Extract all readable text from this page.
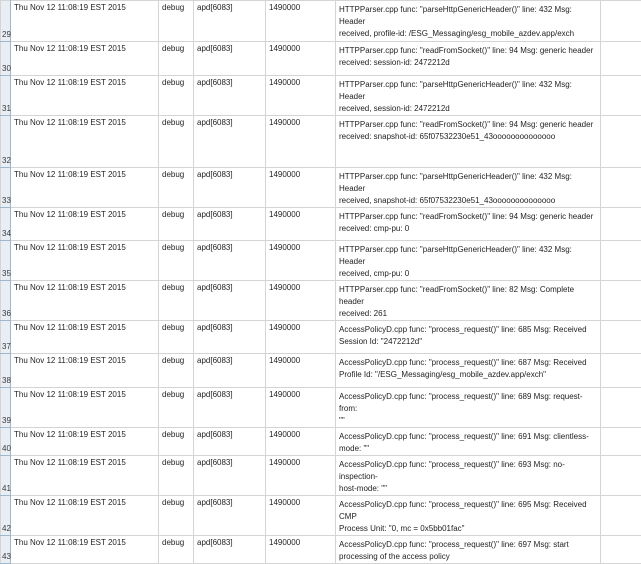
29	Thu Nov 12 11:08:19 EST 2015	debug	apd[6083]	1490000	HTTPParser.cpp func: "parseHttpGenericHeader()" line: 432 Msg: Header
received, profile-id: /ESG_Messaging/esg_mobile_azdev.app/exch	

30	Thu Nov 12 11:08:19 EST 2015	debug	apd[6083]	1490000	HTTPParser.cpp func: "readFromSocket()" line: 94 Msg: generic header
received: session-id: 2472212d	

31	Thu Nov 12 11:08:19 EST 2015	debug	apd[6083]	1490000	HTTPParser.cpp func: "parseHttpGenericHeader()" line: 432 Msg: Header
received, session-id: 2472212d	

32	Thu Nov 12 11:08:19 EST 2015	debug	apd[6083]	1490000	HTTPParser.cpp func: "readFromSocket()" line: 94 Msg: generic header
received: snapshot-id: 65f07532230e51_43oooooooooooooo	

33	Thu Nov 12 11:08:19 EST 2015	debug	apd[6083]	1490000	HTTPParser.cpp func: "parseHttpGenericHeader()" line: 432 Msg: Header
received, snapshot-id: 65f07532230e51_43oooooooooooooo	

34	Thu Nov 12 11:08:19 EST 2015	debug	apd[6083]	1490000	HTTPParser.cpp func: "readFromSocket()" line: 94 Msg: generic header
received: cmp-pu: 0	

35	Thu Nov 12 11:08:19 EST 2015	debug	apd[6083]	1490000	HTTPParser.cpp func: "parseHttpGenericHeader()" line: 432 Msg: Header
received, cmp-pu: 0	

36	Thu Nov 12 11:08:19 EST 2015	debug	apd[6083]	1490000	HTTPParser.cpp func: "readFromSocket()" line: 82 Msg: Complete header
received: 261	

37	Thu Nov 12 11:08:19 EST 2015	debug	apd[6083]	1490000	AccessPolicyD.cpp func: "process_request()" line: 685 Msg: Received
Session Id: "2472212d"	

38	Thu Nov 12 11:08:19 EST 2015	debug	apd[6083]	1490000	AccessPolicyD.cpp func: "process_request()" line: 687 Msg: Received
Profile Id: "/ESG_Messaging/esg_mobile_azdev.app/exch"	

39	Thu Nov 12 11:08:19 EST 2015	debug	apd[6083]	1490000	AccessPolicyD.cpp func: "process_request()" line: 689 Msg: request-from:
""	

40	Thu Nov 12 11:08:19 EST 2015	debug	apd[6083]	1490000	AccessPolicyD.cpp func: "process_request()" line: 691 Msg: clientless-
mode: ""	

41	Thu Nov 12 11:08:19 EST 2015	debug	apd[6083]	1490000	AccessPolicyD.cpp func: "process_request()" line: 693 Msg: no-inspection-
host-mode: ""	

42	Thu Nov 12 11:08:19 EST 2015	debug	apd[6083]	1490000	AccessPolicyD.cpp func: "process_request()" line: 695 Msg: Received CMP
Process Unit: "0, mc = 0x5bb01fac"	

43	Thu Nov 12 11:08:19 EST 2015	debug	apd[6083]	1490000	AccessPolicyD.cpp func: "process_request()" line: 697 Msg: start
processing of the access policy	
